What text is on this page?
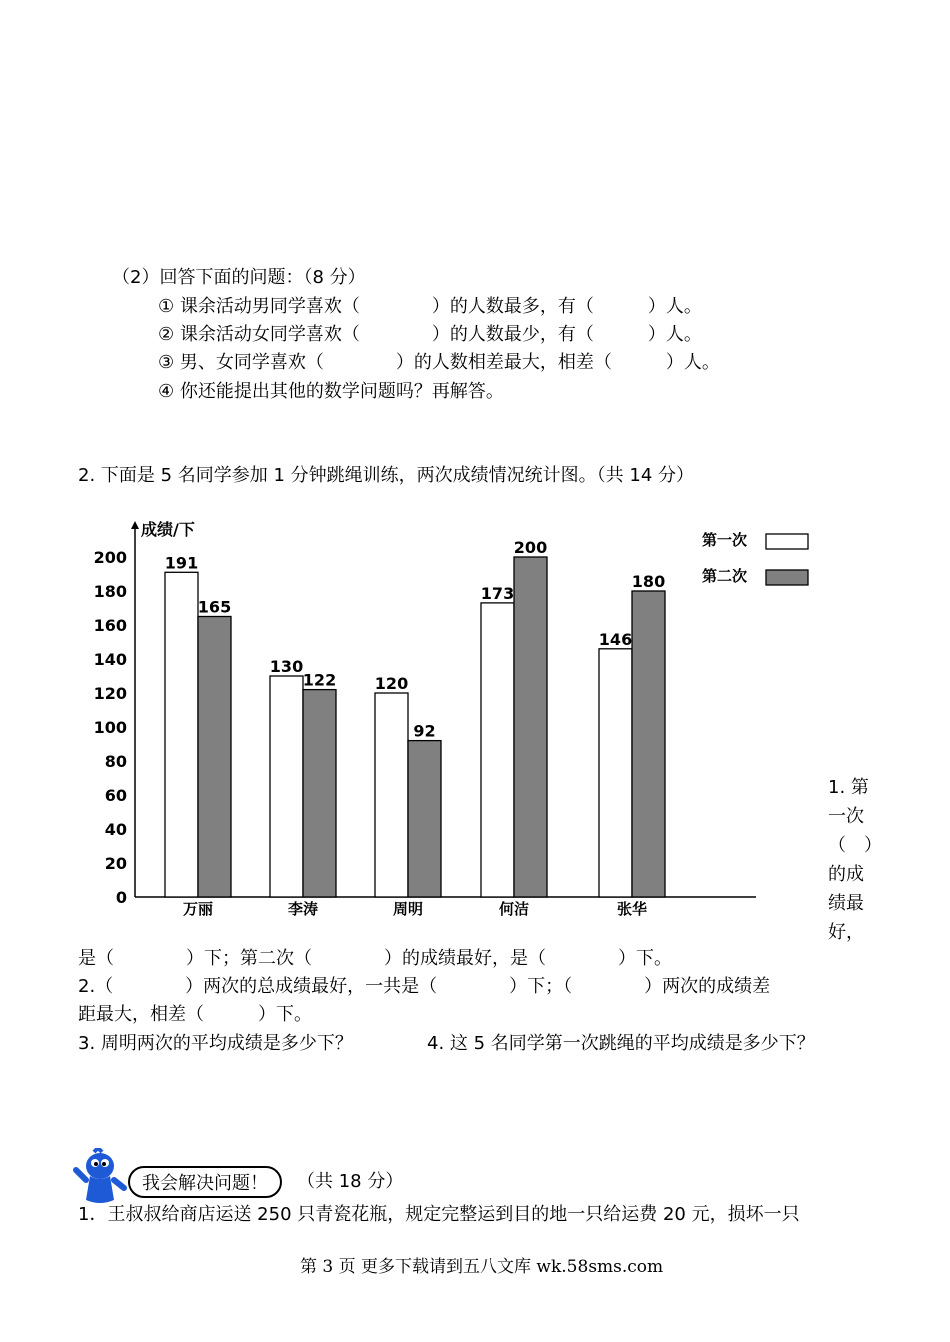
（2）回答下面的问题：（8 分）
① 课余活动男同学喜欢（　　　　）的人数最多，有（　　　）人。
② 课余活动女同学喜欢（　　　　）的人数最少，有（　　　）人。
③ 男、女同学喜欢（　　　　）的人数相差最大，相差（　　　）人。
④ 你还能提出其他的数学问题吗？再解答。
2. 下面是 5 名同学参加 1 分钟跳绳训练，两次成绩情况统计图。（共 14 分）
成绩/下
0
20
40
60
80
100
120
140
160
180
200 191
165
130
122 120
92
173
200
146
180
万丽	李涛	周明	何洁	张华
第一次
第二次
1. 第一次（　）的成绩最好，
是（　　　　）下；第二次（　　　　）的成绩最好，是（　　　　）下。
2.（　　　　）两次的总成绩最好，一共是（　　　　）下；（　　　　）两次的成绩差
距最大，相差（　　　）下。
3. 周明两次的平均成绩是多少下？	4. 这 5 名同学第一次跳绳的平均成绩是多少下？
我会解决问题！	（共 18 分）
1．王叔叔给商店运送 250 只青瓷花瓶，规定完整运到目的地一只给运费 20 元，损坏一只
第 3 页 更多下载请到五八文库 wk.58sms.com
